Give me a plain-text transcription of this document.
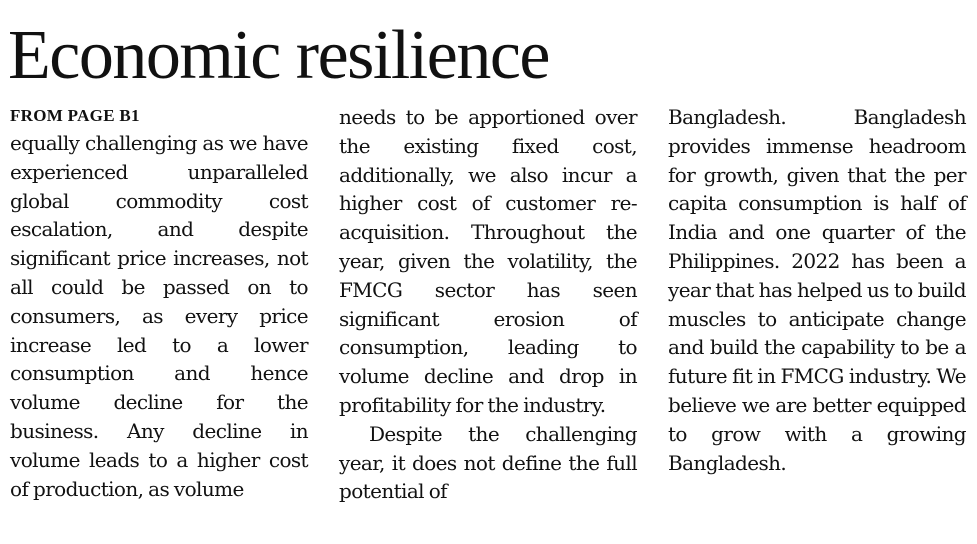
Economic resilience
FROM PAGE B1

equally challenging as we have experienced unparalleled global commodity cost escalation, and despite significant price increases, not all could be passed on to consumers, as every price increase led to a lower consumption and hence volume decline for the business. Any decline in volume leads to a higher cost of production, as volume

needs to be apportioned over the existing fixed cost, additionally, we also incur a higher cost of customer re-acquisition. Throughout the year, given the volatility, the FMCG sector has seen significant erosion of consumption, leading to volume decline and drop in profitability for the industry.

Despite the challenging year, it does not define the full potential of

Bangladesh. Bangladesh provides immense headroom for growth, given that the per capita consumption is half of India and one quarter of the Philippines. 2022 has been a year that has helped us to build muscles to anticipate change and build the capability to be a future fit in FMCG industry. We believe we are better equipped to grow with a growing Bangladesh.
